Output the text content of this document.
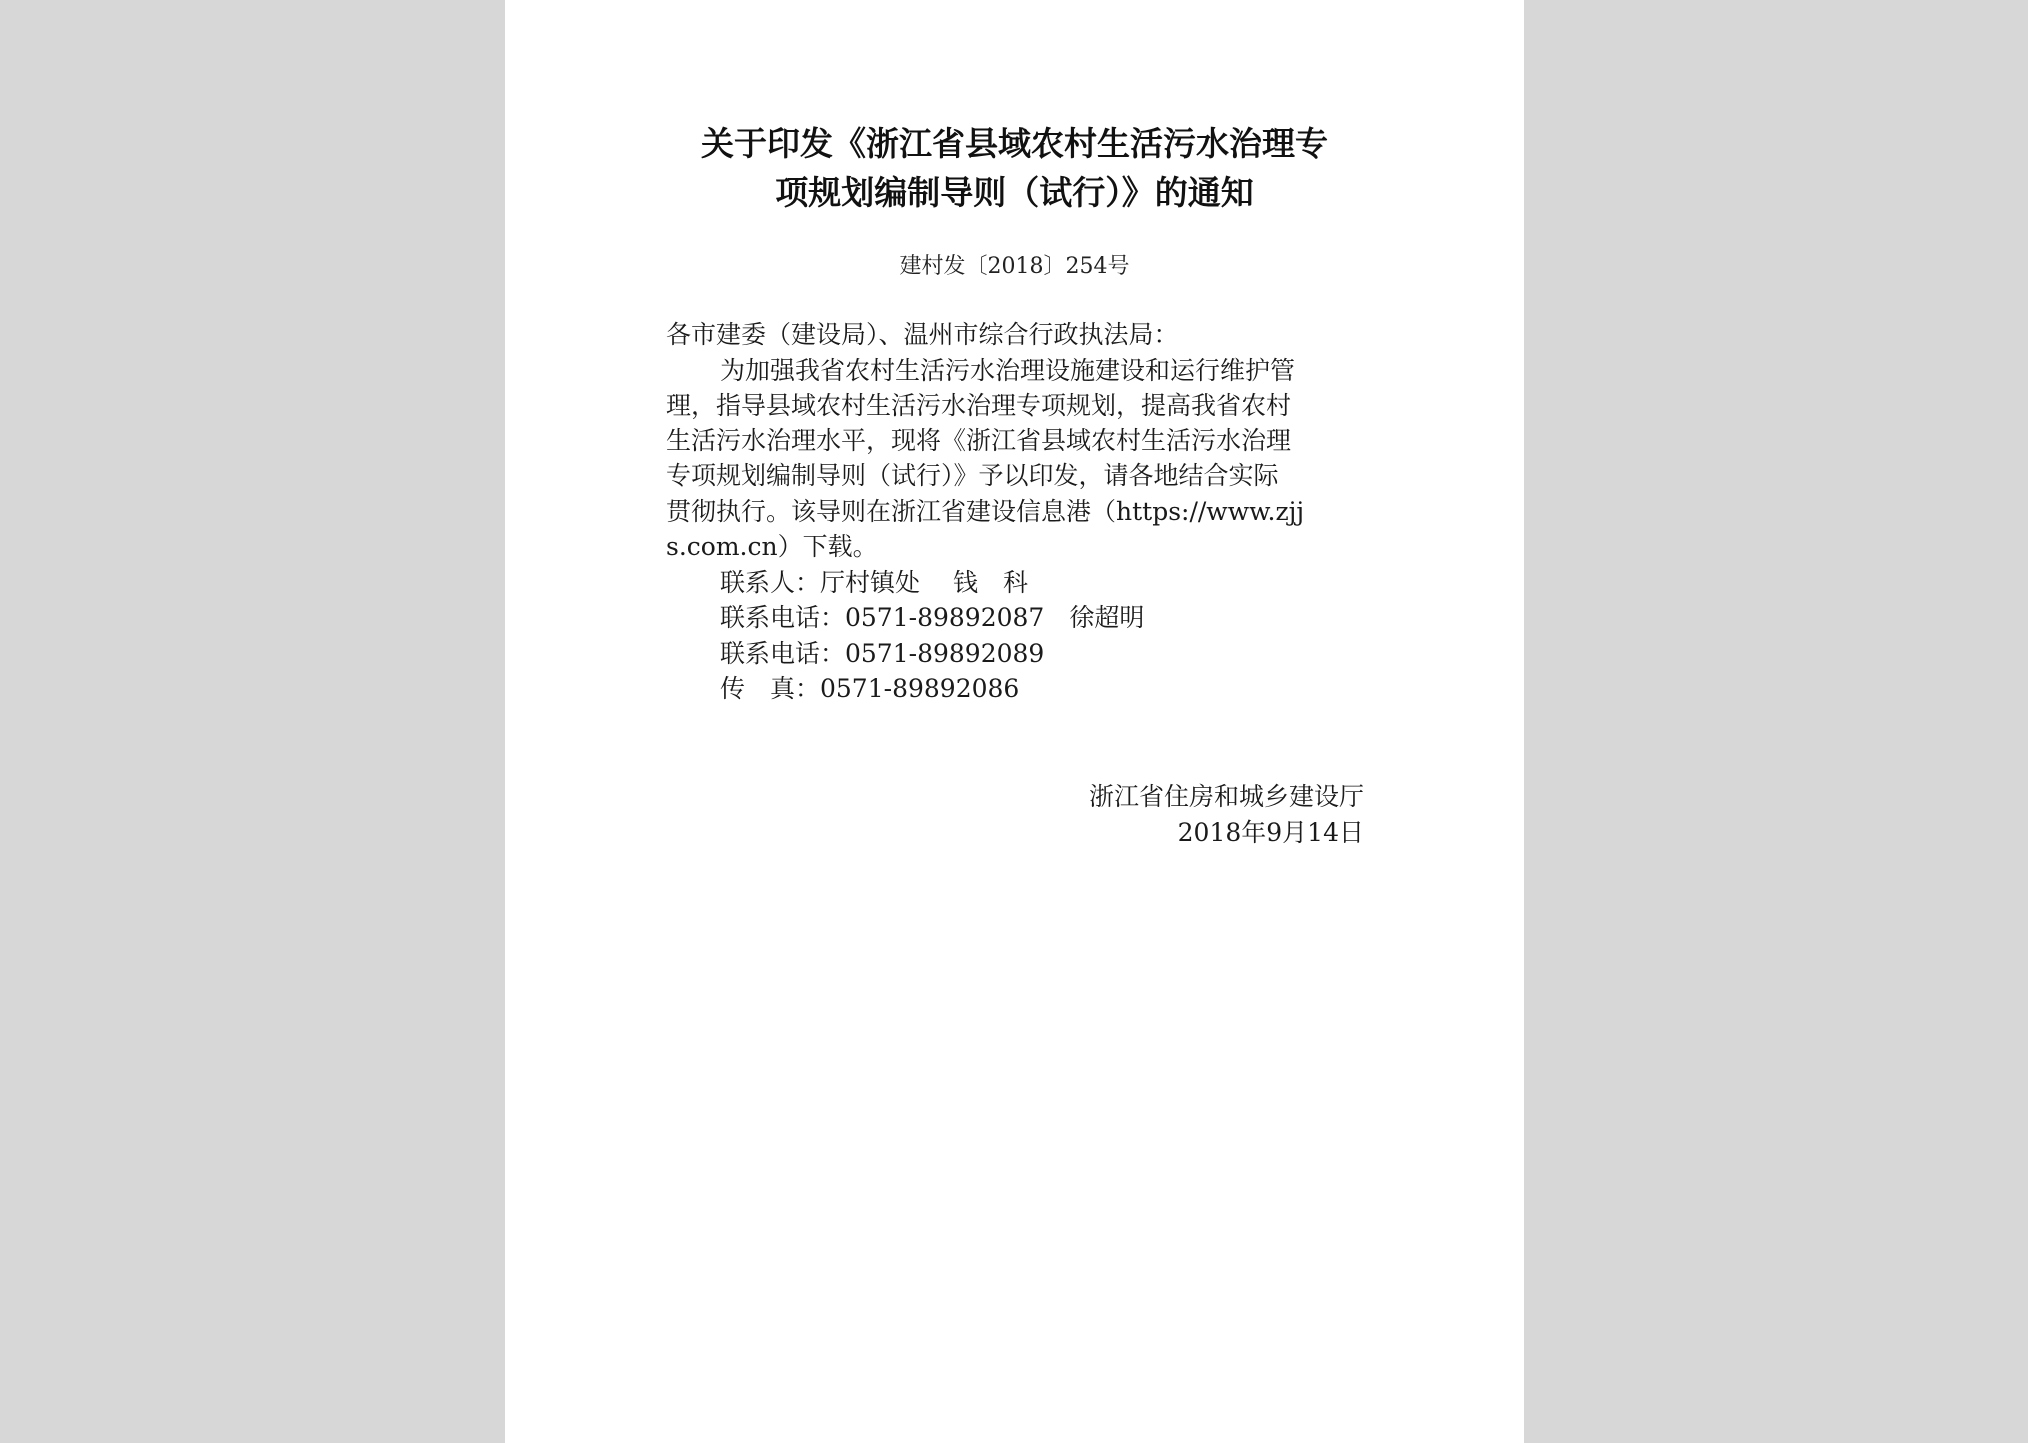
关于印发《浙江省县域农村生活污水治理专
项规划编制导则（试行）》的通知
建村发〔2018〕254号
各市建委（建设局）、温州市综合行政执法局：
为加强我省农村生活污水治理设施建设和运行维护管
理，指导县域农村生活污水治理专项规划，提高我省农村
生活污水治理水平，现将《浙江省县域农村生活污水治理
专项规划编制导则（试行）》予以印发，请各地结合实际
贯彻执行。该导则在浙江省建设信息港（https://www.zjj
s.com.cn）下载。
联系人：厅村镇处　 钱　科
联系电话：0571-89892087　徐超明
联系电话：0571-89892089
传　真：0571-89892086
浙江省住房和城乡建设厅
2018年9月14日
